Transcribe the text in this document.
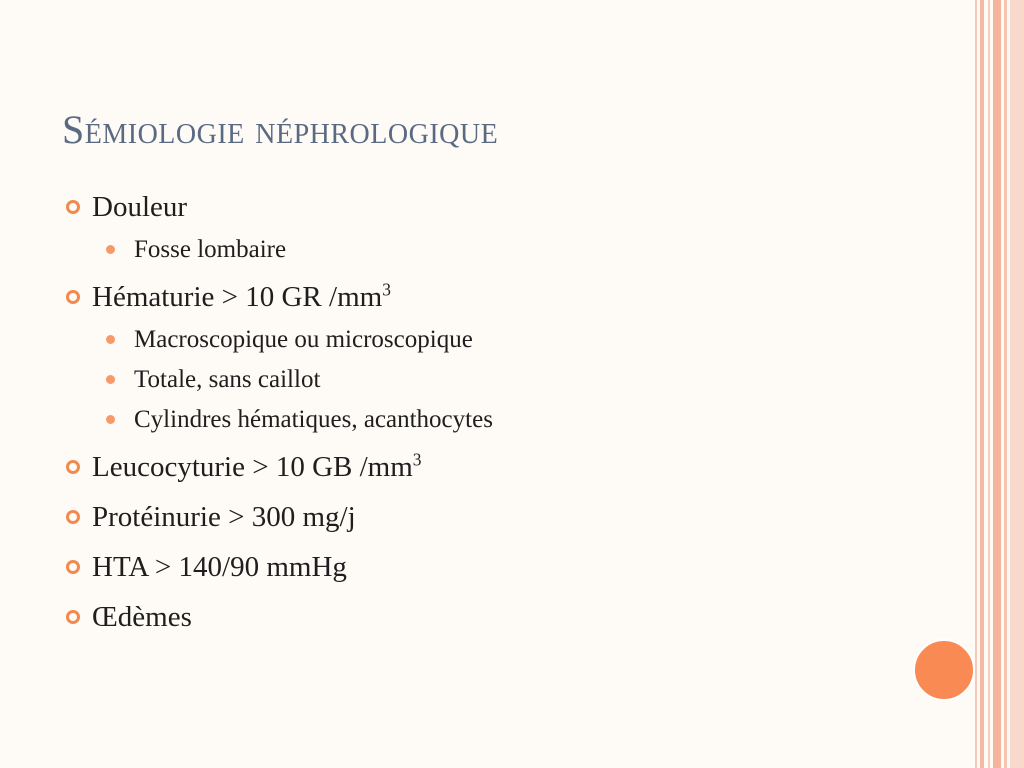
Sémiologie néphrologique
Douleur
Fosse lombaire
Hématurie > 10 GR $/mm^3$
Macroscopique ou microscopique
Totale, sans caillot
Cylindres hématiques, acanthocytes
Leucocyturie > 10 GB $/mm^3$
Protéinurie > 300 mg/j
HTA > 140/90 mmHg
Œdèmes
